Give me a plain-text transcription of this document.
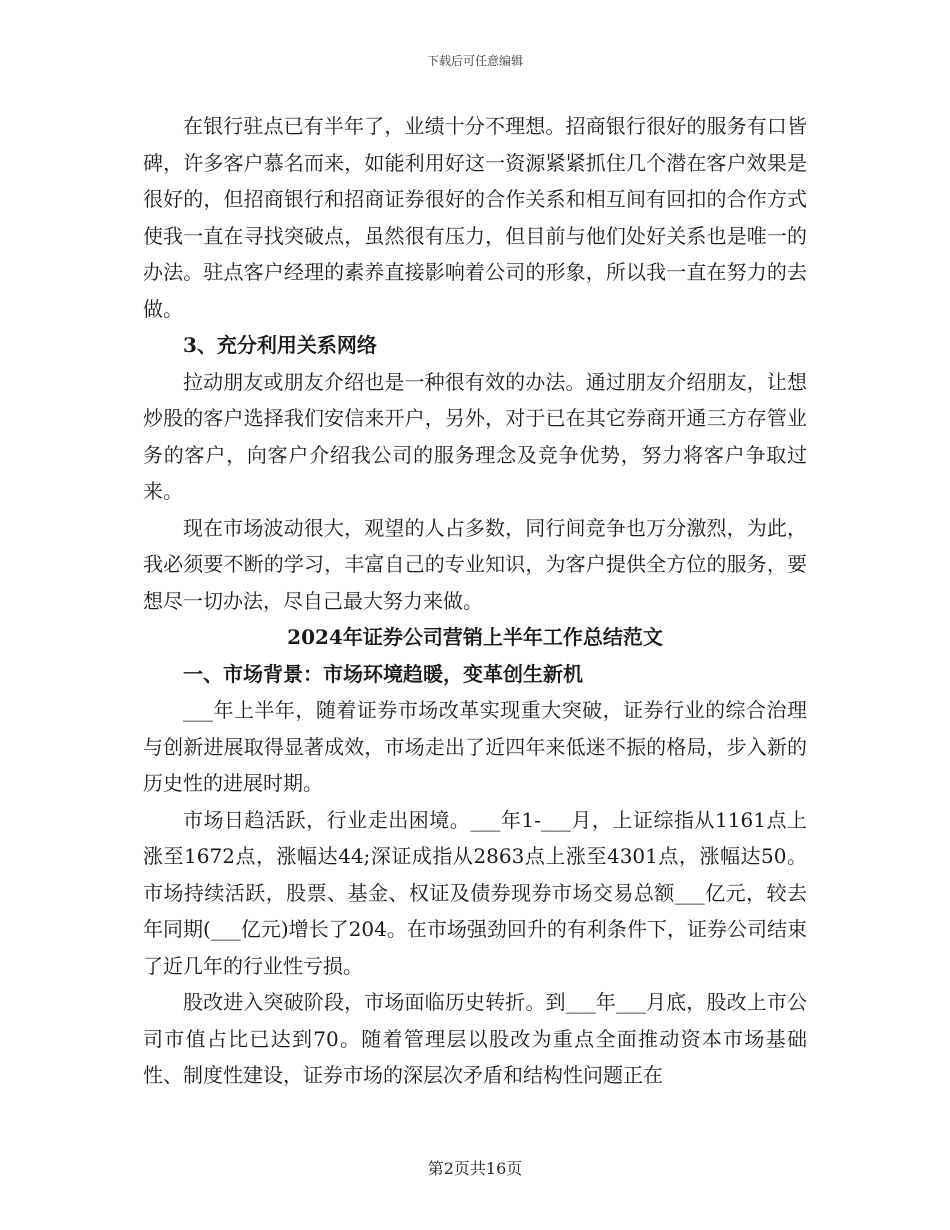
下载后可任意编辑

在银行驻点已有半年了，业绩十分不理想。招商银行很好的服务有口皆碑，许多客户慕名而来，如能利用好这一资源紧紧抓住几个潜在客户效果是很好的，但招商银行和招商证券很好的合作关系和相互间有回扣的合作方式使我一直在寻找突破点，虽然很有压力，但目前与他们处好关系也是唯一的办法。驻点客户经理的素养直接影响着公司的形象，所以我一直在努力的去做。

3、充分利用关系网络

拉动朋友或朋友介绍也是一种很有效的办法。通过朋友介绍朋友，让想炒股的客户选择我们安信来开户，另外，对于已在其它券商开通三方存管业务的客户，向客户介绍我公司的服务理念及竞争优势，努力将客户争取过来。

现在市场波动很大，观望的人占多数，同行间竞争也万分激烈，为此，我必须要不断的学习，丰富自己的专业知识，为客户提供全方位的服务，要想尽一切办法，尽自己最大努力来做。

2024年证券公司营销上半年工作总结范文

一、市场背景：市场环境趋暖，变革创生新机

___年上半年，随着证券市场改革实现重大突破，证券行业的综合治理与创新进展取得显著成效，市场走出了近四年来低迷不振的格局，步入新的历史性的进展时期。

市场日趋活跃，行业走出困境。___年1-___月，上证综指从1161点上涨至1672点，涨幅达44;深证成指从2863点上涨至4301点，涨幅达50。市场持续活跃，股票、基金、权证及债券现券市场交易总额___亿元，较去年同期(___亿元)增长了204。在市场强劲回升的有利条件下，证券公司结束了近几年的行业性亏损。

股改进入突破阶段，市场面临历史转折。到___年___月底，股改上市公司市值占比已达到70。随着管理层以股改为重点全面推动资本市场基础性、制度性建设，证券市场的深层次矛盾和结构性问题正在

第2页共16页
